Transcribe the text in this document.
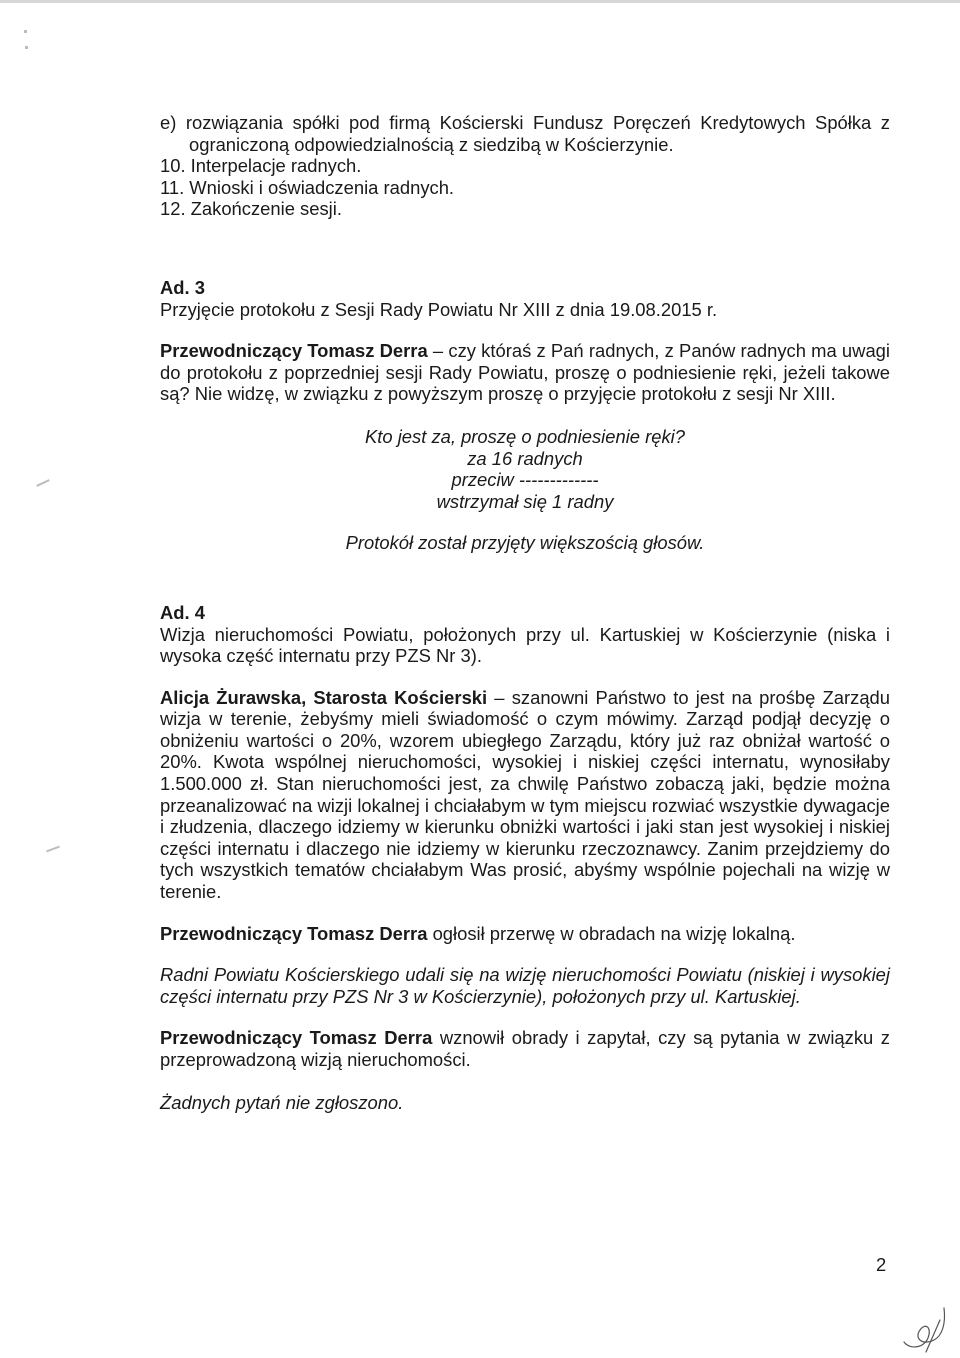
e) rozwiązania spółki pod firmą Kościerski Fundusz Poręczeń Kredytowych Spółka z ograniczoną odpowiedzialnością z siedzibą w Kościerzynie.

10. Interpelacje radnych.

11. Wnioski i oświadczenia radnych.

12. Zakończenie sesji.

Ad. 3

Przyjęcie protokołu z Sesji Rady Powiatu Nr XIII z dnia 19.08.2015 r.

Przewodniczący Tomasz Derra – czy któraś z Pań radnych, z Panów radnych ma uwagi do protokołu z poprzedniej sesji Rady Powiatu, proszę o podniesienie ręki, jeżeli takowe są? Nie widzę, w związku z powyższym proszę o przyjęcie protokołu z sesji Nr XIII.

Kto jest za, proszę o podniesienie ręki?

za 16 radnych

przeciw -------------

wstrzymał się 1 radny

Protokół został przyjęty większością głosów.

Ad. 4

Wizja nieruchomości Powiatu, położonych przy ul. Kartuskiej w Kościerzynie (niska i wysoka część internatu przy PZS Nr 3).

Alicja Żurawska, Starosta Kościerski – szanowni Państwo to jest na prośbę Zarządu wizja w terenie, żebyśmy mieli świadomość o czym mówimy. Zarząd podjął decyzję o obniżeniu wartości o 20%, wzorem ubiegłego Zarządu, który już raz obniżał wartość o 20%. Kwota wspólnej nieruchomości, wysokiej i niskiej części internatu, wynosiłaby 1.500.000 zł. Stan nieruchomości jest, za chwilę Państwo zobaczą jaki, będzie można przeanalizować na wizji lokalnej i chciałabym w tym miejscu rozwiać wszystkie dywagacje i złudzenia, dlaczego idziemy w kierunku obniżki wartości i jaki stan jest wysokiej i niskiej części internatu i dlaczego nie idziemy w kierunku rzeczoznawcy. Zanim przejdziemy do tych wszystkich tematów chciałabym Was prosić, abyśmy wspólnie pojechali na wizję w terenie.

Przewodniczący Tomasz Derra ogłosił przerwę w obradach na wizję lokalną.

Radni Powiatu Kościerskiego udali się na wizję nieruchomości Powiatu (niskiej i wysokiej części internatu przy PZS Nr 3 w Kościerzynie), położonych przy ul. Kartuskiej.

Przewodniczący Tomasz Derra wznowił obrady i zapytał, czy są pytania w związku z przeprowadzoną wizją nieruchomości.

Żadnych pytań nie zgłoszono.

2
